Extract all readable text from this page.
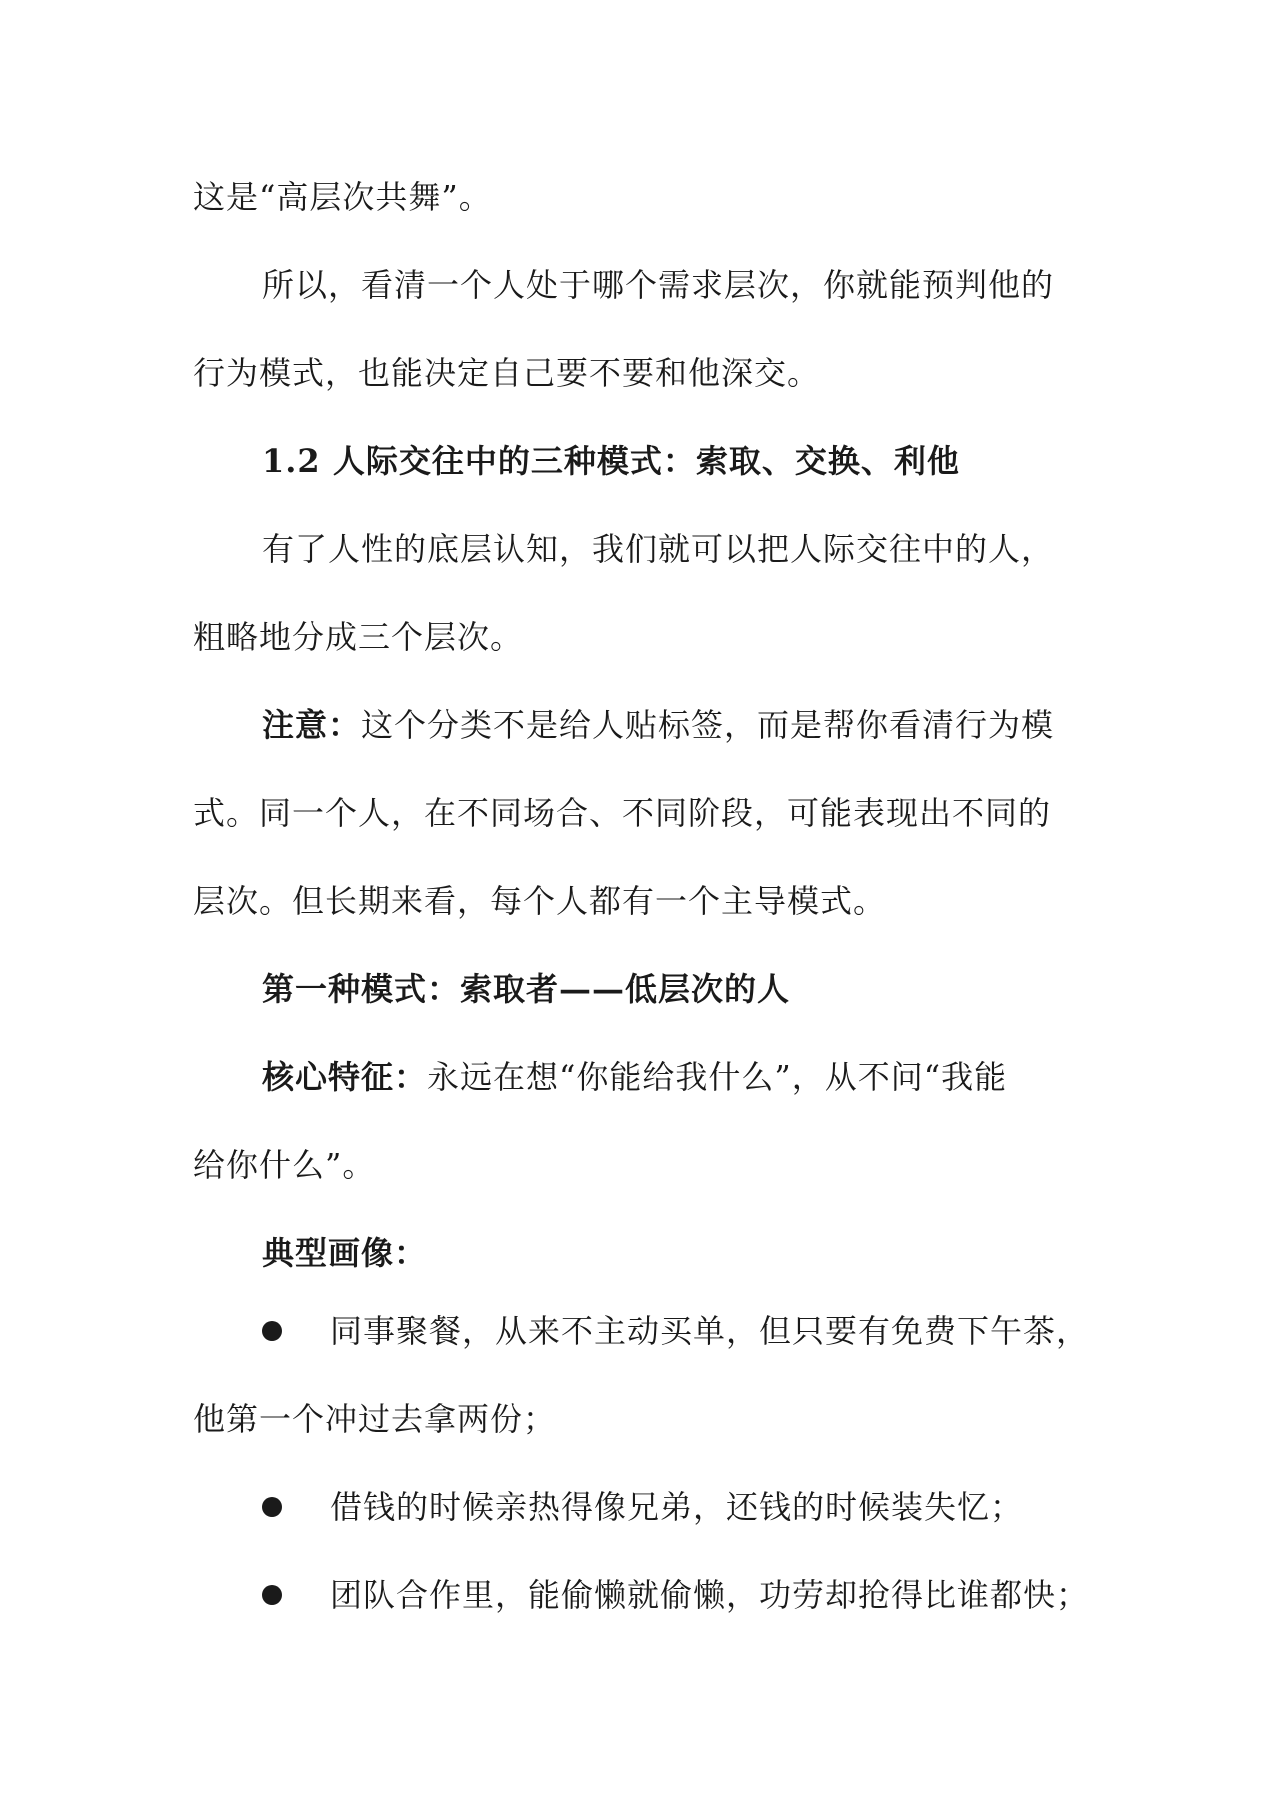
这是“高层次共舞”。
所以，看清一个人处于哪个需求层次，你就能预判他的
行为模式，也能决定自己要不要和他深交。
1.2 人际交往中的三种模式：索取、交换、利他
有了人性的底层认知，我们就可以把人际交往中的人，
粗略地分成三个层次。
注意：这个分类不是给人贴标签，而是帮你看清行为模
式。同一个人，在不同场合、不同阶段，可能表现出不同的
层次。但长期来看，每个人都有一个主导模式。
第一种模式：索取者——低层次的人
核心特征：永远在想“你能给我什么”，从不问“我能
给你什么”。
典型画像：
同事聚餐，从来不主动买单，但只要有免费下午茶，
他第一个冲过去拿两份；
借钱的时候亲热得像兄弟，还钱的时候装失忆；
团队合作里，能偷懒就偷懒，功劳却抢得比谁都快；
